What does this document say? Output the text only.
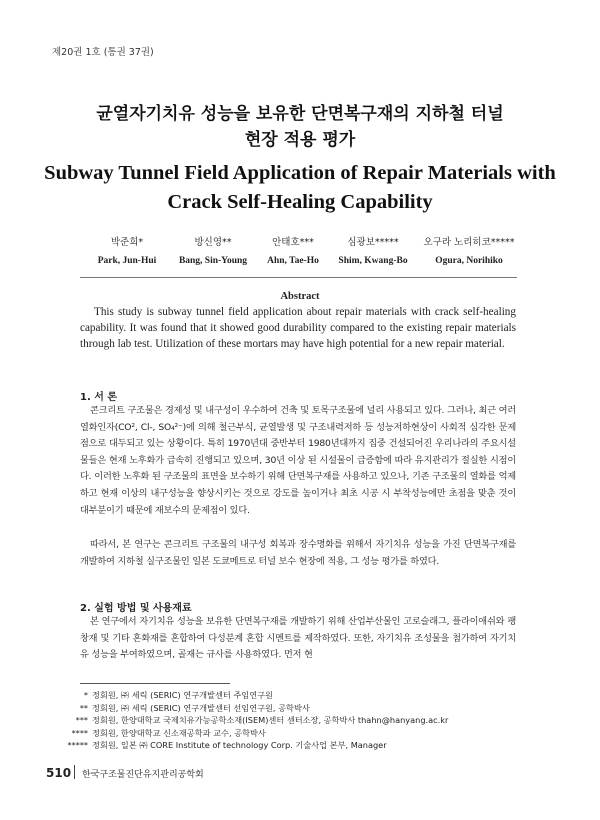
제20권 1호 (통권 37권)
균열자기치유 성능을 보유한 단면복구재의 지하철 터널
현장 적용 평가
Subway Tunnel Field Application of Repair Materials with
Crack Self-Healing Capability
박준희*
Park, Jun-Hui
방신영**
Bang, Sin-Young
안태호***
Ahn, Tae-Ho
심광보*****
Shim, Kwang-Bo
오구라 노리히코*****
Ogura, Norihiko
Abstract
This study is subway tunnel field application about repair materials with crack self-healing capability. It was found that it showed good durability compared to the existing repair materials through lab test. Utilization of these mortars may have high potential for a new repair material.
1. 서 론
콘크리트 구조물은 경제성 및 내구성이 우수하여 건축 및 토목구조물에 널리 사용되고 있다. 그러나, 최근 여러 열화인자(CO², Cl-, SO₄²⁻)에 의해 철근부식, 균열발생 및 구조내력저하 등 성능저하현상이 사회적 심각한 문제점으로 대두되고 있는 상황이다. 특히 1970년대 중반부터 1980년대까지 집중 건설되어진 우리나라의 주요시설물들은 현재 노후화가 급속히 진행되고 있으며, 30년 이상 된 시설물이 급증함에 따라 유지관리가 절실한 시점이다. 이러한 노후화 된 구조물의 표면을 보수하기 위해 단면복구재를 사용하고 있으나, 기존 구조물의 열화를 억제하고 현재 이상의 내구성능을 향상시키는 것으로 강도를 높이거나 최초 시공 시 부착성능에만 초점을 맞춘 것이 대부분이기 때문에 재보수의 문제점이 있다.
따라서, 본 연구는 콘크리트 구조물의 내구성 회복과 장수명화를 위해서 자기치유 성능을 가진 단면복구재를 개발하여 지하철 실구조물인 일본 도쿄메트로 터널 보수 현장에 적용, 그 성능 평가를 하였다.
2. 실험 방법 및 사용재료
본 연구에서 자기치유 성능을 보유한 단면복구재를 개발하기 위해 산업부산물인 고로슬래그, 플라이애쉬와 팽창재 및 기타 혼화재를 혼합하여 다성분계 혼합 시멘트를 제작하였다. 또한, 자기치유 조성물을 첨가하여 자기치유 성능을 부여하였으며, 골재는 규사를 사용하였다. 먼저 현
* 정회원, ㈜ 세릭 (SERIC) 연구개발센터 주임연구원
** 정회원, ㈜ 세릭 (SERIC) 연구개발센터 선임연구원, 공학박사
*** 정회원, 한양대학교 국제치유가능공학소재(ISEM)센터 센터소장, 공학박사 thahn@hanyang.ac.kr
**** 정회원, 한양대학교 신소재공학과 교수, 공학박사
***** 정회원, 일본 ㈜ CORE Institute of technology Corp. 기술사업 본부, Manager
510 한국구조물진단유지관리공학회
